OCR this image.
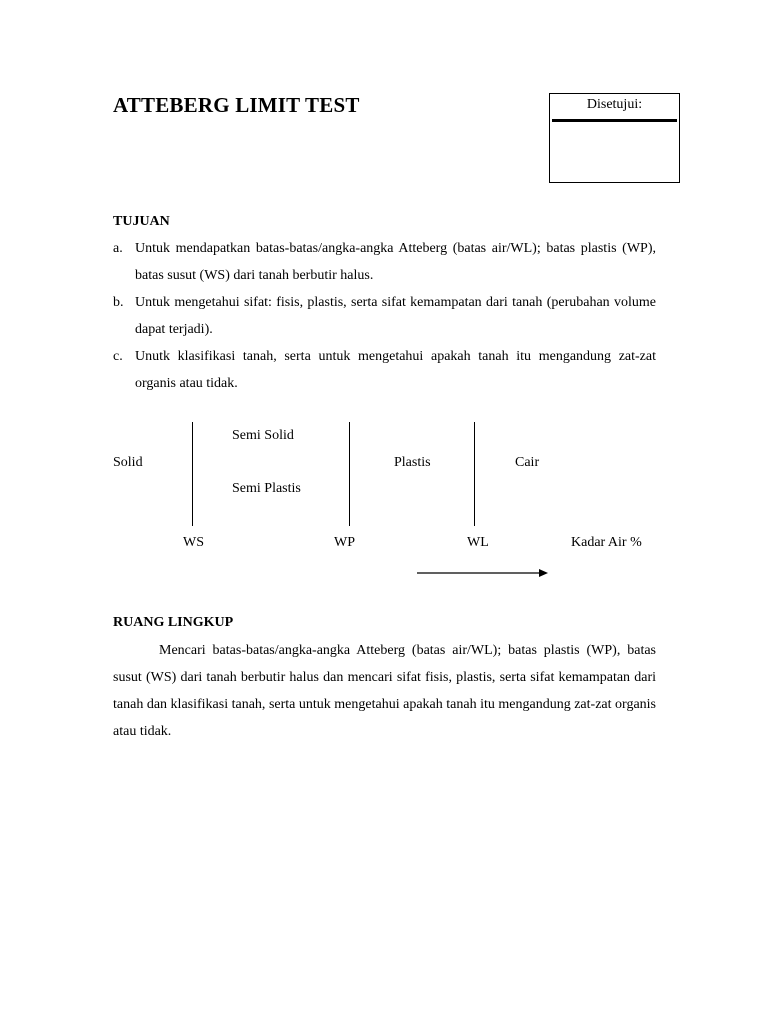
ATTEBERG LIMIT TEST	Disetujui:
TUJUAN
a. Untuk mendapatkan batas-batas/angka-angka Atteberg (batas air/WL); batas plastis (WP), batas susut (WS) dari tanah berbutir halus.
b. Untuk mengetahui sifat: fisis, plastis, serta sifat kemampatan dari tanah (perubahan volume dapat terjadi).
c. Unutk klasifikasi tanah, serta untuk mengetahui apakah tanah itu mengandung zat-zat organis atau tidak.
Semi Solid
Solid	Plastis	Cair
Semi Plastis
WS	WP	WL	Kadar Air %
RUANG LINGKUP

Mencari batas-batas/angka-angka Atteberg (batas air/WL); batas plastis (WP), batas susut (WS) dari tanah berbutir halus dan mencari sifat fisis, plastis, serta sifat kemampatan dari tanah dan klasifikasi tanah, serta untuk mengetahui apakah tanah itu mengandung zat-zat organis atau tidak.
